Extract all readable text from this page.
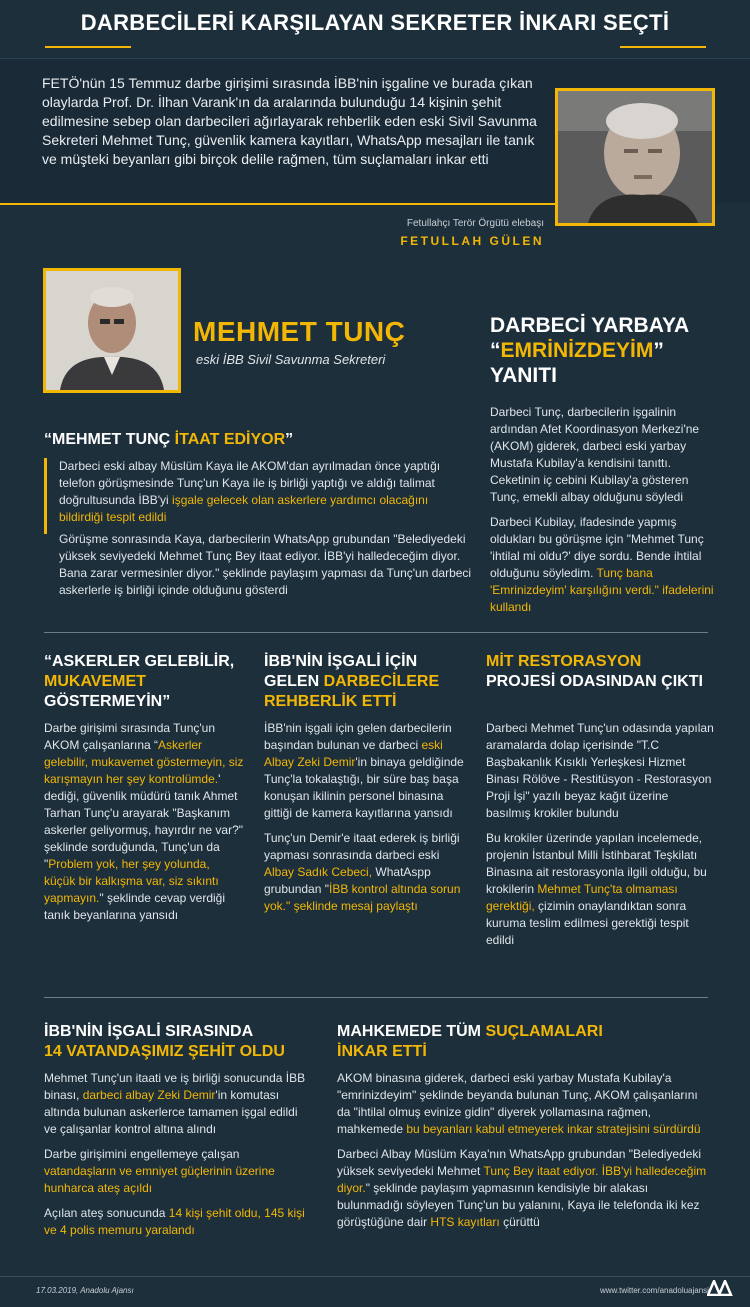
DARBECİLERİ KARŞILAYAN SEKRETER İNKARI SEÇTİ
FETÖ'nün 15 Temmuz darbe girişimi sırasında İBB'nin işgaline ve burada çıkan olaylarda Prof. Dr. İlhan Varank'ın da aralarında bulunduğu 14 kişinin şehit edilmesine sebep olan darbecileri ağırlayarak rehberlik eden eski Sivil Savunma Sekreteri Mehmet Tunç, güvenlik kamera kayıtları, WhatsApp mesajları ile tanık ve müşteki beyanları gibi birçok delile rağmen, tüm suçlamaları inkar etti
Fetullahçı Terör Örgütü elebaşı
FETULLAH GÜLEN
MEHMET TUNÇ
eski İBB Sivil Savunma Sekreteri
“MEHMET TUNÇ İTAAT EDİYOR”

Darbeci eski albay Müslüm Kaya ile AKOM'dan ayrılmadan önce yaptığı telefon görüşmesinde Tunç'un Kaya ile iş birliği yaptığı ve aldığı talimat doğrultusunda İBB'yi işgale gelecek olan askerlere yardımcı olacağını bildirdiği tespit edildi

Görüşme sonrasında Kaya, darbecilerin WhatsApp grubundan "Belediyedeki yüksek seviyedeki Mehmet Tunç Bey itaat ediyor. İBB'yi halledeceğim diyor. Bana zarar vermesinler diyor." şeklinde paylaşım yapması da Tunç'un darbeci askerlerle iş birliği içinde olduğunu gösterdi

DARBECİ YARBAYA
“EMRİNİZDEYİM”
YANITI

Darbeci Tunç, darbecilerin işgalinin ardından Afet Koordinasyon Merkezi'ne (AKOM) giderek, darbeci eski yarbay Mustafa Kubilay'a kendisini tanıttı. Ceketinin iç cebini Kubilay'a gösteren Tunç, emekli albay olduğunu söyledi

Darbeci Kubilay, ifadesinde yapmış oldukları bu görüşme için "Mehmet Tunç 'ihtilal mi oldu?' diye sordu. Bende ihtilal olduğunu söyledim. Tunç bana 'Emrinizdeyim' karşılığını verdi." ifadelerini kullandı

“ASKERLER GELEBİLİR, MUKAVEMET
GÖSTERMEYİN”

Darbe girişimi sırasında Tunç'un AKOM çalışanlarına “Askerler gelebilir, mukavemet göstermeyin, siz karışmayın her şey kontrolümde.' dediği, güvenlik müdürü tanık Ahmet Tarhan Tunç'u arayarak "Başkanım askerler geliyormuş, hayırdır ne var?" şeklinde sorduğunda, Tunç'un da "Problem yok, her şey yolunda, küçük bir kalkışma var, siz sıkıntı yapmayın." şeklinde cevap verdiği tanık beyanlarına yansıdı

İBB'NİN İŞGALİ İÇİN GELEN DARBECİLERE REHBERLİK ETTİ

İBB'nin işgali için gelen darbecilerin başından bulunan ve darbeci eski Albay Zeki Demir'in binaya geldiğinde Tunç'la tokalaştığı, bir süre baş başa konuşan ikilinin personel binasına gittiği de kamera kayıtlarına yansıdı

Tunç'un Demir'e itaat ederek iş birliği yapması sonrasında darbeci eski Albay Sadık Cebeci, WhatAspp grubundan "İBB kontrol altında sorun yok." şeklinde mesaj paylaştı

MİT RESTORASYON
PROJESİ ODASINDAN ÇIKTI

Darbeci Mehmet Tunç'un odasında yapılan aramalarda dolap içerisinde "T.C Başbakanlık Kısıklı Yerleşkesi Hizmet Binası Rölöve - Restitüsyon - Restorasyon Proji İşi" yazılı beyaz kağıt üzerine basılmış krokiler bulundu

Bu krokiler üzerinde yapılan incelemede, projenin İstanbul Milli İstihbarat Teşkilatı Binasına ait restorasyonla ilgili olduğu, bu krokilerin Mehmet Tunç'ta olmaması gerektiği, çizimin onaylandıktan sonra kuruma teslim edilmesi gerektiği tespit edildi

İBB'NİN İŞGALİ SIRASINDA
14 VATANDAŞIMIZ ŞEHİT OLDU

Mehmet Tunç'un itaati ve iş birliği sonucunda İBB binası, darbeci albay Zeki Demir'in komutası altında bulunan askerlerce tamamen işgal edildi ve çalışanlar kontrol altına alındı

Darbe girişimini engellemeye çalışan vatandaşların ve emniyet güçlerinin üzerine hunharca ateş açıldı

Açılan ateş sonucunda 14 kişi şehit oldu, 145 kişi ve 4 polis memuru yaralandı

MAHKEMEDE TÜM SUÇLAMALARI
İNKAR ETTİ

AKOM binasına giderek, darbeci eski yarbay Mustafa Kubilay'a "emrinizdeyim" şeklinde beyanda bulunan Tunç, AKOM çalışanlarını da "ihtilal olmuş evinize gidin" diyerek yollamasına rağmen, mahkemede bu beyanları kabul etmeyerek inkar stratejisini sürdürdü

Darbeci Albay Müslüm Kaya'nın WhatsApp grubundan "Belediyedeki yüksek seviyedeki Mehmet Tunç Bey itaat ediyor. İBB'yi halledeceğim diyor." şeklinde paylaşım yapmasının kendisiyle bir alakası bulunmadığı söyleyen Tunç'un bu yalanını, Kaya ile telefonda iki kez görüştüğüne dair HTS kayıtları çürüttü

17.03.2019, Anadolu Ajansı	www.twitter.com/anadoluajansi
